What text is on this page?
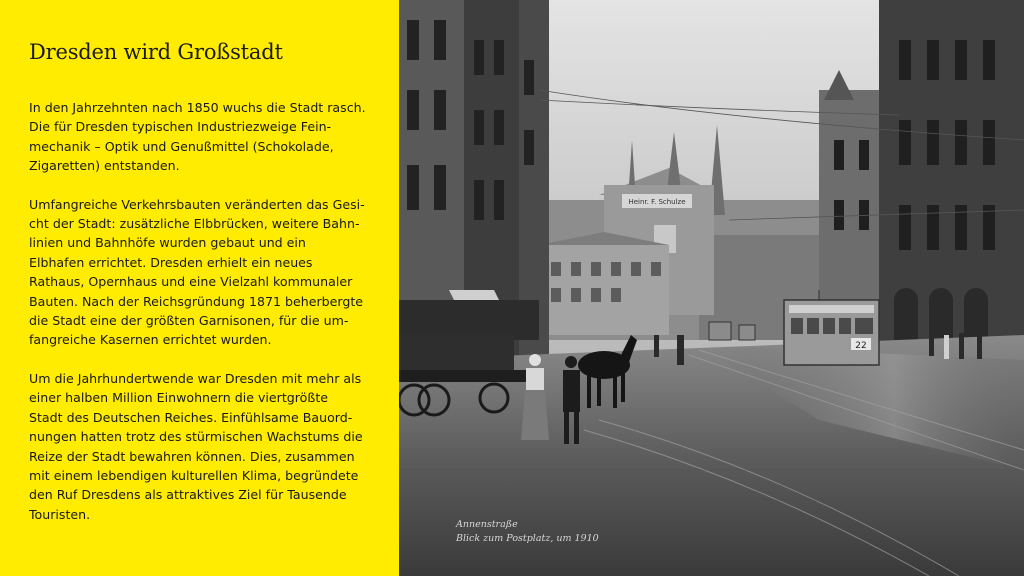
Dresden wird Großstadt

In den Jahrzehnten nach 1850 wuchs die Stadt rasch.
Die für Dresden typischen Industriezweige Fein-
mechanik – Optik und Genußmittel (Schokolade,
Zigaretten) entstanden.

Umfangreiche Verkehrsbauten veränderten das Gesi-
cht der Stadt: zusätzliche Elbbrücken, weitere Bahn-
linien und Bahnhöfe wurden gebaut und ein
Elbhafen errichtet. Dresden erhielt ein neues
Rathaus, Opernhaus und eine Vielzahl kommunaler
Bauten. Nach der Reichsgründung 1871 beherbergte
die Stadt eine der größten Garnisonen, für die um-
fangreiche Kasernen errichtet wurden.

Um die Jahrhundertwende war Dresden mit mehr als
einer halben Million Einwohnern die viertgrößte
Stadt des Deutschen Reiches. Einfühlsame Bauord-
nungen hatten trotz des stürmischen Wachstums die
Reize der Stadt bewahren können. Dies, zusammen
mit einem lebendigen kulturellen Klima, begründete
den Ruf Dresdens als attraktives Ziel für Tausende
Touristen.

Heinr. F. Schulze
22
Annenstraße
Blick zum Postplatz, um 1910
